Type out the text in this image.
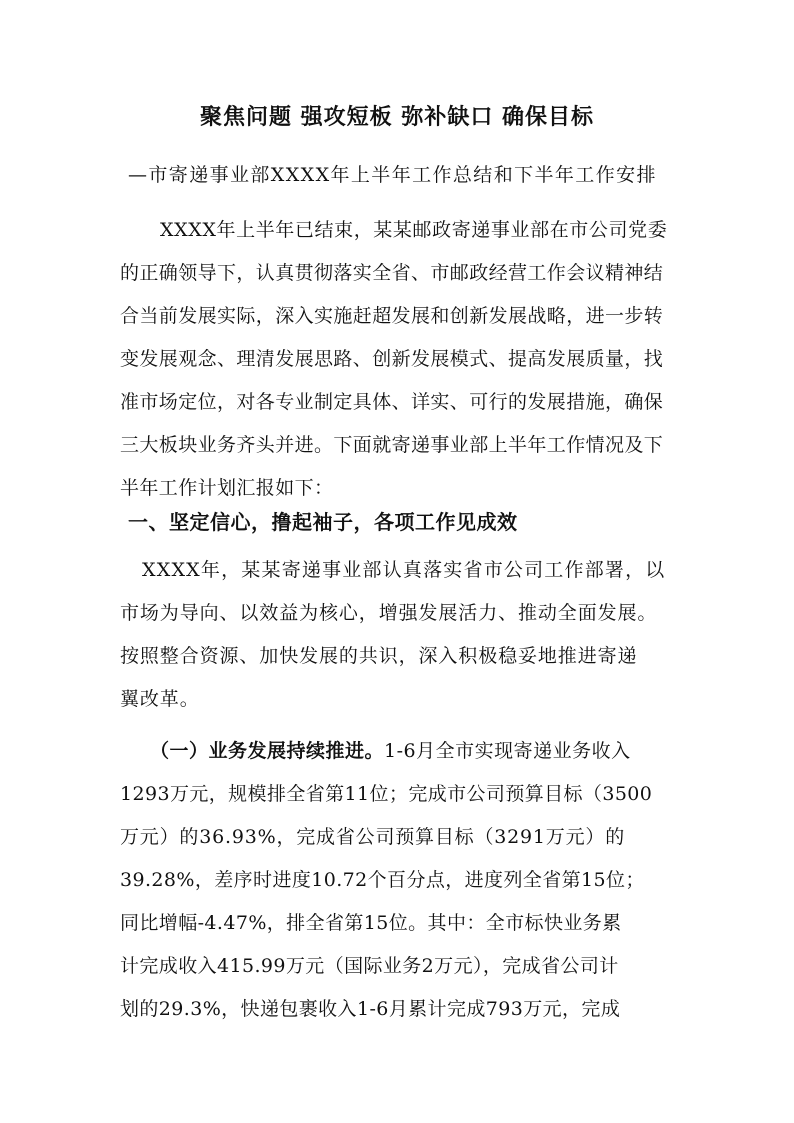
聚焦问题 强攻短板 弥补缺口 确保目标
—市寄递事业部XXXX年上半年工作总结和下半年工作安排
XXXX年上半年已结束，某某邮政寄递事业部在市公司党委
的正确领导下，认真贯彻落实全省、市邮政经营工作会议精神结
合当前发展实际，深入实施赶超发展和创新发展战略，进一步转
变发展观念、理清发展思路、创新发展模式、提高发展质量，找
准市场定位，对各专业制定具体、详实、可行的发展措施，确保
三大板块业务齐头并进。下面就寄递事业部上半年工作情况及下
半年工作计划汇报如下：
一、坚定信心，撸起袖子，各项工作见成效
XXXX年，某某寄递事业部认真落实省市公司工作部署，以
市场为导向、以效益为核心，增强发展活力、推动全面发展。
按照整合资源、加快发展的共识，深入积极稳妥地推进寄递
翼改革。
（一）业务发展持续推进。1-6月全市实现寄递业务收入
1293万元，规模排全省第11位；完成市公司预算目标（3500
万元）的36.93%，完成省公司预算目标（3291万元）的
39.28%，差序时进度10.72个百分点，进度列全省第15位；
同比增幅-4.47%，排全省第15位。其中：全市标快业务累
计完成收入415.99万元（国际业务2万元），完成省公司计
划的29.3%，快递包裹收入1-6月累计完成793万元，完成
